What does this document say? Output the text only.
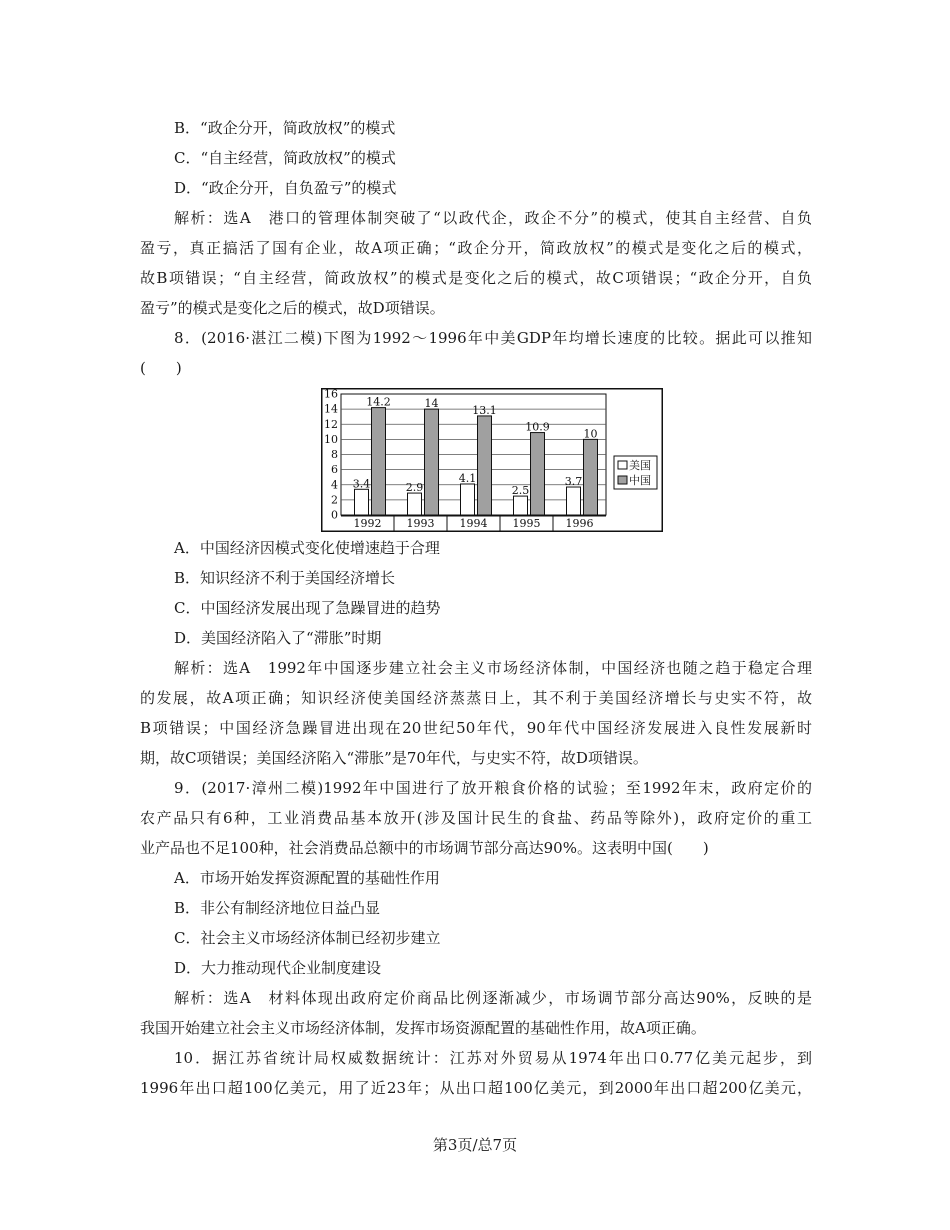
B．“政企分开，简政放权”的模式
C．“自主经营，简政放权”的模式
D．“政企分开，自负盈亏”的模式
解析：选A　港口的管理体制突破了“以政代企，政企不分”的模式，使其自主经营、自负
盈亏，真正搞活了国有企业，故A项正确；“政企分开，简政放权”的模式是变化之后的模式，
故B项错误；“自主经营，简政放权”的模式是变化之后的模式，故C项错误；“政企分开，自负
盈亏”的模式是变化之后的模式，故D项错误。
8．(2016·湛江二模)下图为1992～1996年中美GDP年均增长速度的比较。据此可以推知
(　　)
0
2
4
6
8
10
12
14
16
3.4	2.9
4.1
2.5
3.7
14.2	14
13.1
10.9
10
1992 1993 1994 1995 1996
美国
中国
A．中国经济因模式变化使增速趋于合理
B．知识经济不利于美国经济增长
C．中国经济发展出现了急躁冒进的趋势
D．美国经济陷入了“滞胀”时期
解析：选A　1992年中国逐步建立社会主义市场经济体制，中国经济也随之趋于稳定合理
的发展，故A项正确；知识经济使美国经济蒸蒸日上，其不利于美国经济增长与史实不符，故
B项错误；中国经济急躁冒进出现在20世纪50年代，90年代中国经济发展进入良性发展新时
期，故C项错误；美国经济陷入“滞胀”是70年代，与史实不符，故D项错误。
9．(2017·漳州二模)1992年中国进行了放开粮食价格的试验；至1992年末，政府定价的
农产品只有6种，工业消费品基本放开(涉及国计民生的食盐、药品等除外)，政府定价的重工
业产品也不足100种，社会消费品总额中的市场调节部分高达90%。这表明中国(　　)
A．市场开始发挥资源配置的基础性作用
B．非公有制经济地位日益凸显
C．社会主义市场经济体制已经初步建立
D．大力推动现代企业制度建设
解析：选A　材料体现出政府定价商品比例逐渐减少，市场调节部分高达90%，反映的是
我国开始建立社会主义市场经济体制，发挥市场资源配置的基础性作用，故A项正确。
10．据江苏省统计局权威数据统计：江苏对外贸易从1974年出口0.77亿美元起步，到
1996年出口超100亿美元，用了近23年；从出口超100亿美元，到2000年出口超200亿美元，
第3页/总7页
